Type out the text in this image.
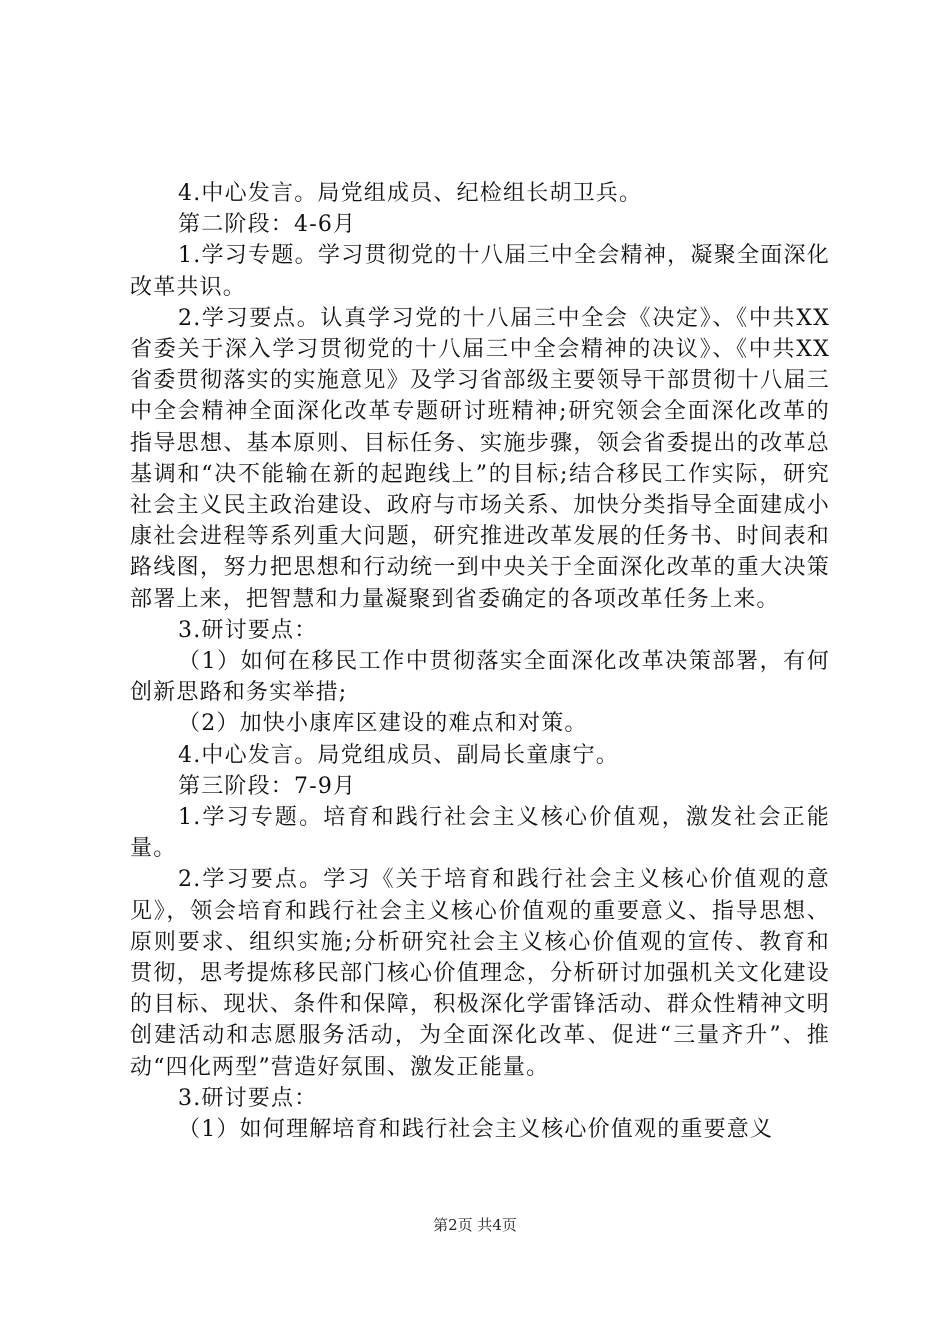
4.中心发言。局党组成员、纪检组长胡卫兵。

第二阶段：4-6月

1.学习专题。学习贯彻党的十八届三中全会精神，凝聚全面深化改革共识。

2.学习要点。认真学习党的十八届三中全会《决定》、《中共XX省委关于深入学习贯彻党的十八届三中全会精神的决议》、《中共XX省委贯彻落实的实施意见》及学习省部级主要领导干部贯彻十八届三中全会精神全面深化改革专题研讨班精神;研究领会全面深化改革的指导思想、基本原则、目标任务、实施步骤，领会省委提出的改革总基调和“决不能输在新的起跑线上”的目标;结合移民工作实际，研究社会主义民主政治建设、政府与市场关系、加快分类指导全面建成小康社会进程等系列重大问题，研究推进改革发展的任务书、时间表和路线图，努力把思想和行动统一到中央关于全面深化改革的重大决策部署上来，把智慧和力量凝聚到省委确定的各项改革任务上来。

3.研讨要点：

（1）如何在移民工作中贯彻落实全面深化改革决策部署，有何创新思路和务实举措;

（2）加快小康库区建设的难点和对策。

4.中心发言。局党组成员、副局长童康宁。

第三阶段：7-9月

1.学习专题。培育和践行社会主义核心价值观，激发社会正能量。

2.学习要点。学习《关于培育和践行社会主义核心价值观的意见》，领会培育和践行社会主义核心价值观的重要意义、指导思想、原则要求、组织实施;分析研究社会主义核心价值观的宣传、教育和贯彻，思考提炼移民部门核心价值理念，分析研讨加强机关文化建设的目标、现状、条件和保障，积极深化学雷锋活动、群众性精神文明创建活动和志愿服务活动，为全面深化改革、促进“三量齐升”、推动“四化两型”营造好氛围、激发正能量。

3.研讨要点：

（1）如何理解培育和践行社会主义核心价值观的重要意义

第2页 共4页
